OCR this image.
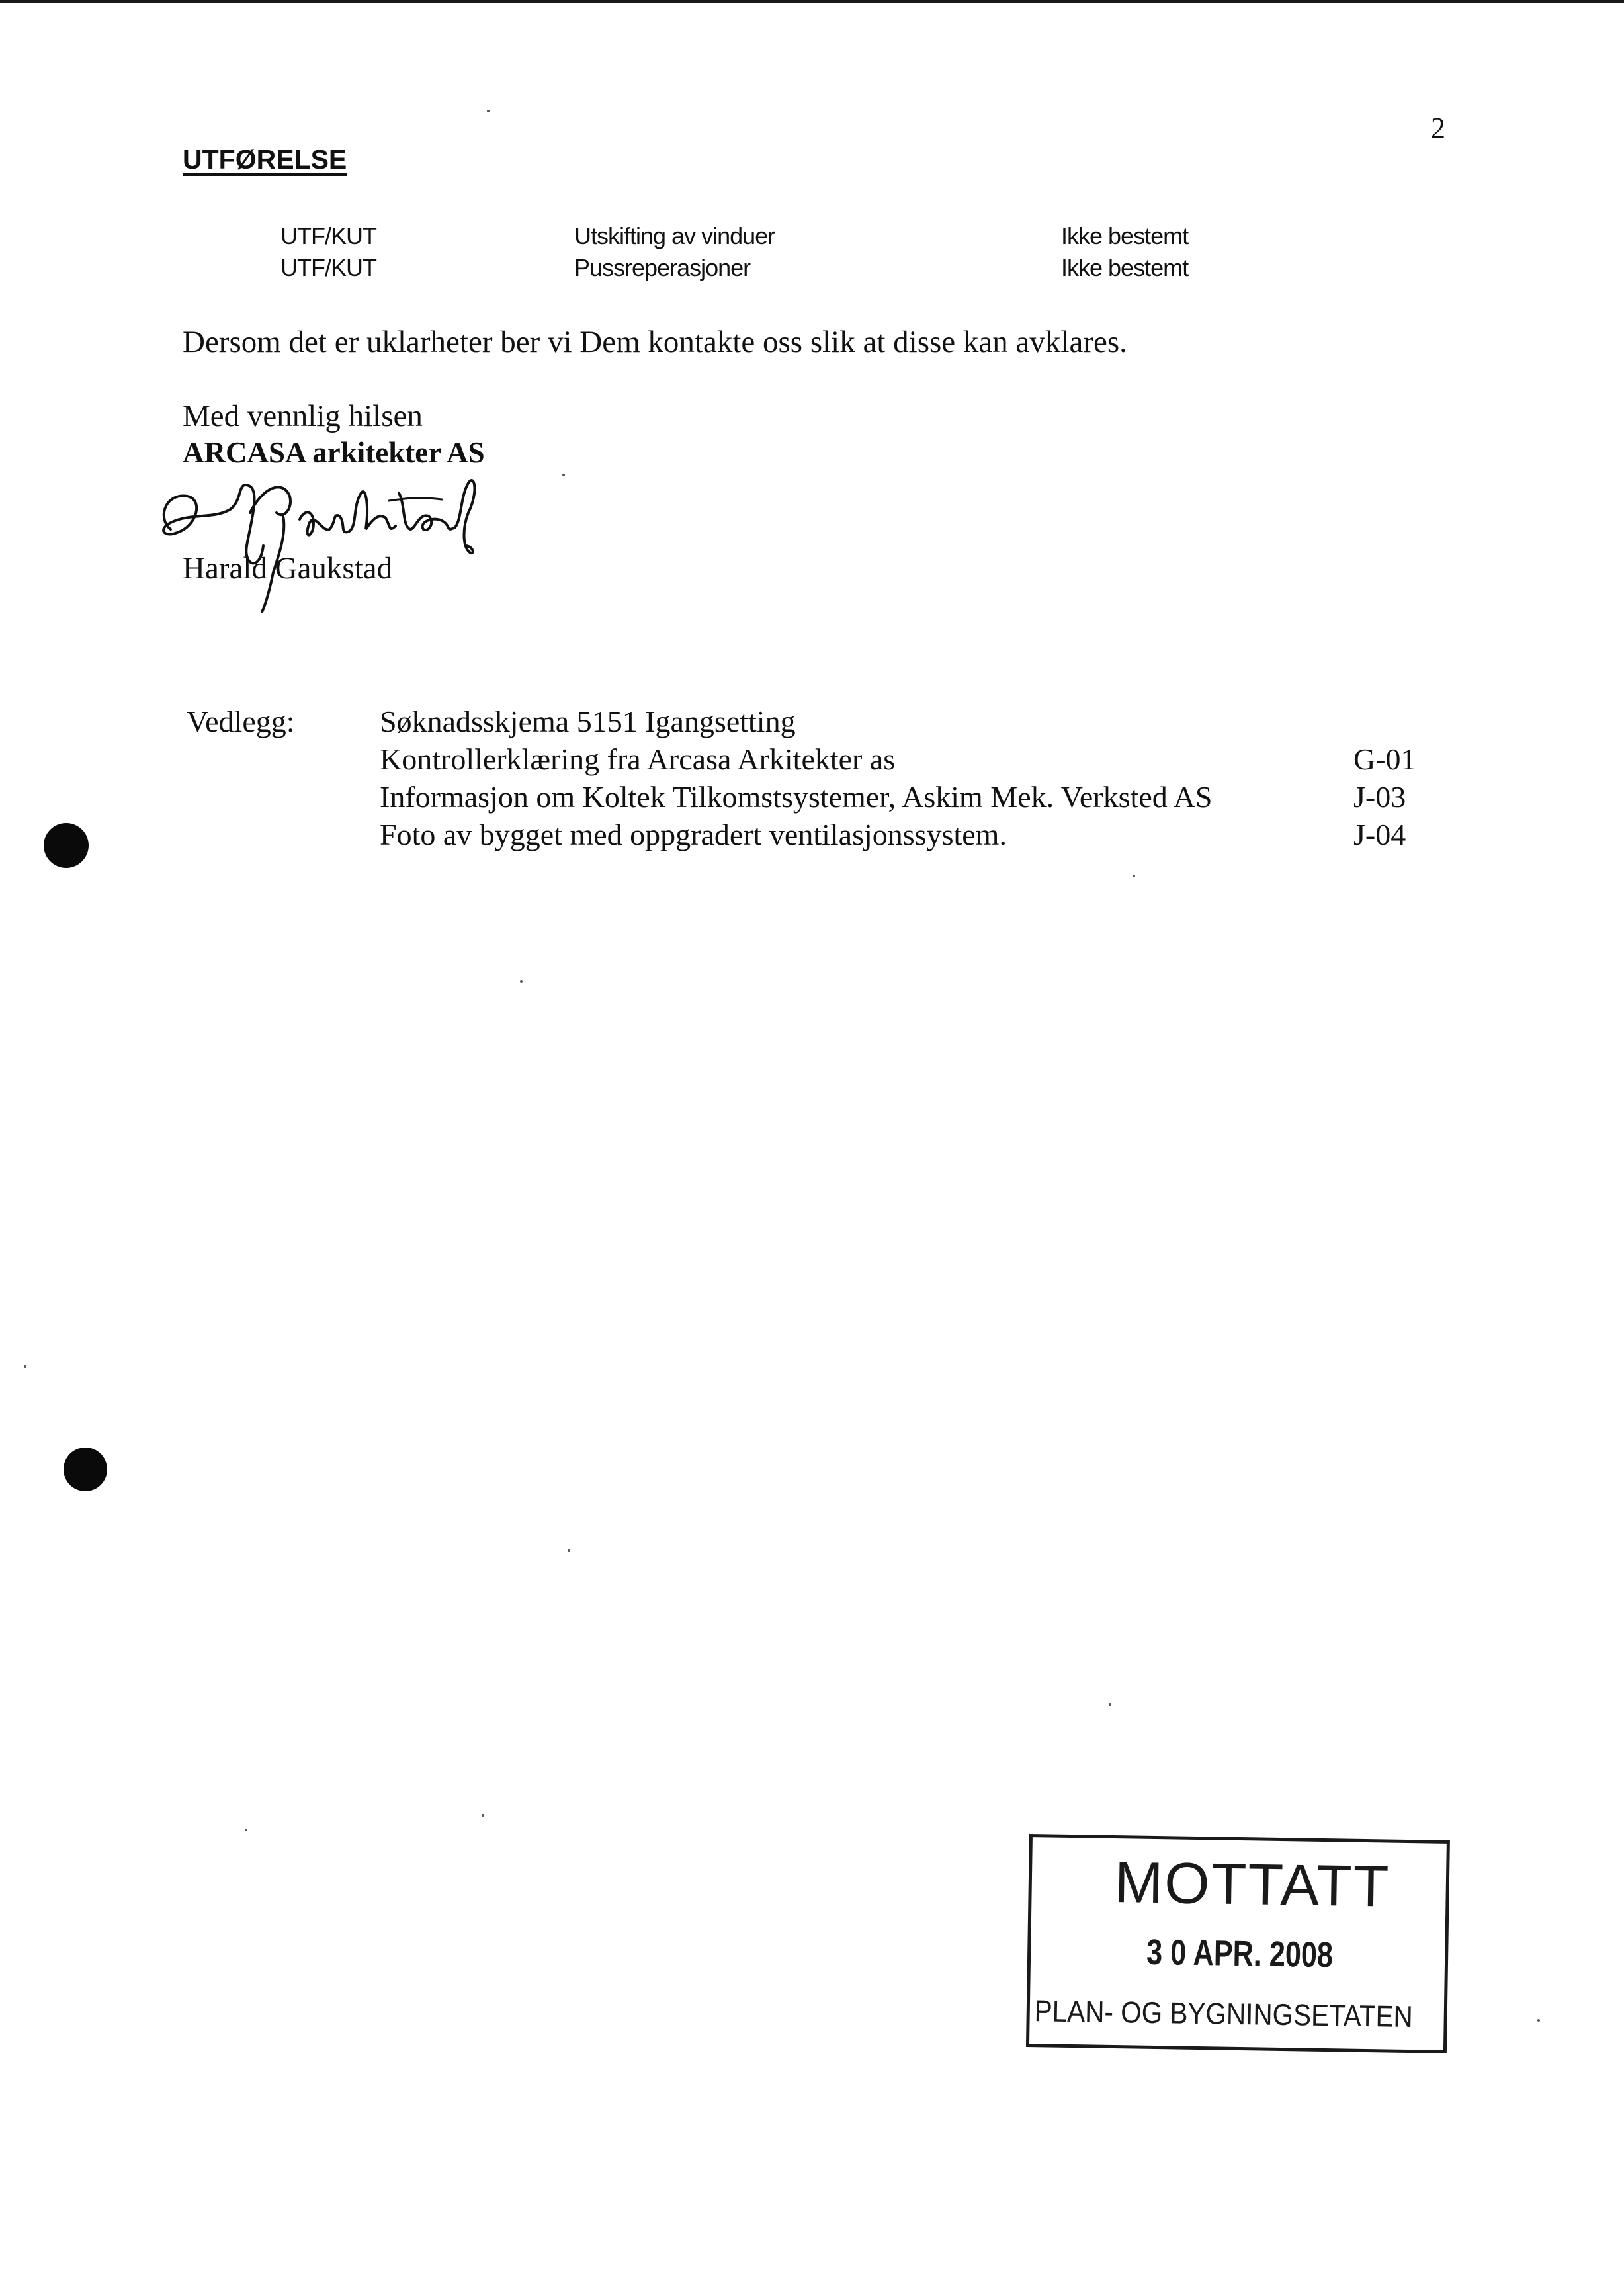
2
UTFØRELSE
UTF/KUT	Utskifting av vinduer	Ikke bestemt
UTF/KUT	Pussreperasjoner	Ikke bestemt
Dersom det er uklarheter ber vi Dem kontakte oss slik at disse kan avklares.
Med vennlig hilsen
ARCASA arkitekter AS
Harald Gaukstad
Vedlegg:	Søknadsskjema 5151 Igangsetting
Kontrollerklæring fra Arcasa Arkitekter as	G-01
Informasjon om Koltek Tilkomstsystemer, Askim Mek. Verksted AS	J-03
Foto av bygget med oppgradert ventilasjonssystem.	J-04
MOTTATT
3 0 APR. 2008
PLAN- OG BYGNINGSETATEN
